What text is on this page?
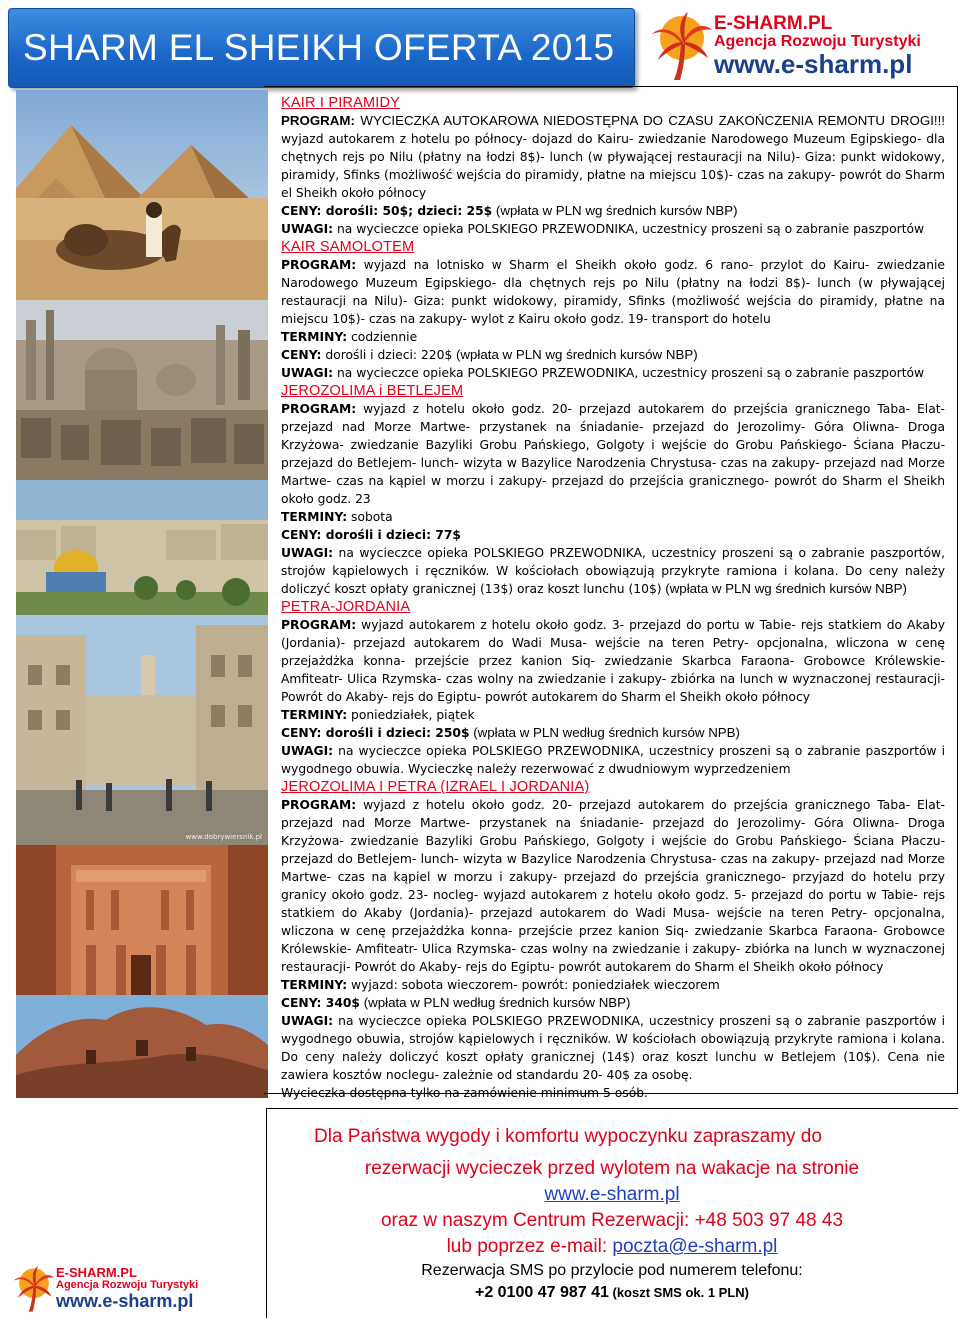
SHARM EL SHEIKH OFERTA 2015
E-SHARM.PL
Agencja Rozwoju Turystyki
www.e-sharm.pl
www.dobrywiersnik.pl

KAIR I PIRAMIDY

PROGRAM: WYCIECZKA AUTOKAROWA NIEDOSTĘPNA DO CZASU ZAKOŃCZENIA REMONTU DROGI!!! wyjazd autokarem z hotelu po północy- dojazd do Kairu- zwiedzanie Narodowego Muzeum Egipskiego- dla chętnych rejs po Nilu (płatny na łodzi 8$)- lunch (w pływającej restauracji na Nilu)- Giza: punkt widokowy, piramidy, Sfinks (możliwość wejścia do piramidy, płatne na miejscu 10$)- czas na zakupy- powrót do Sharm el Sheikh około północy

CENY: dorośli: 50$; dzieci: 25$ (wpłata w PLN wg średnich kursów NBP)

UWAGI: na wycieczce opieka POLSKIEGO PRZEWODNIKA, uczestnicy proszeni są o zabranie paszportów

KAIR SAMOLOTEM

PROGRAM: wyjazd na lotnisko w Sharm el Sheikh około godz. 6 rano- przylot do Kairu- zwiedzanie Narodowego Muzeum Egipskiego- dla chętnych rejs po Nilu (płatny na łodzi 8$)- lunch (w pływającej restauracji na Nilu)- Giza: punkt widokowy, piramidy, Sfinks (możliwość wejścia do piramidy, płatne na miejscu 10$)- czas na zakupy- wylot z Kairu około godz. 19- transport do hotelu

TERMINY: codziennie

CENY: dorośli i dzieci: 220$ (wpłata w PLN wg średnich kursów NBP)

UWAGI: na wycieczce opieka POLSKIEGO PRZEWODNIKA, uczestnicy proszeni są o zabranie paszportów

JEROZOLIMA i BETLEJEM

PROGRAM: wyjazd z hotelu około godz. 20- przejazd autokarem do przejścia granicznego Taba- Elat- przejazd nad Morze Martwe- przystanek na śniadanie- przejazd do Jerozolimy- Góra Oliwna- Droga Krzyżowa- zwiedzanie Bazyliki Grobu Pańskiego, Golgoty i wejście do Grobu Pańskiego- Ściana Płaczu- przejazd do Betlejem- lunch- wizyta w Bazylice Narodzenia Chrystusa- czas na zakupy- przejazd nad Morze Martwe- czas na kąpiel w morzu i zakupy- przejazd do przejścia granicznego- powrót do Sharm el Sheikh około godz. 23

TERMINY: sobota

CENY: dorośli i dzieci: 77$

UWAGI: na wycieczce opieka POLSKIEGO PRZEWODNIKA, uczestnicy proszeni są o zabranie paszportów, strojów kąpielowych i ręczników. W kościołach obowiązują przykryte ramiona i kolana. Do ceny należy doliczyć koszt opłaty granicznej (13$) oraz koszt lunchu (10$) (wpłata w PLN wg średnich kursów NBP)

PETRA-JORDANIA

PROGRAM: wyjazd autokarem z hotelu około godz. 3- przejazd do portu w Tabie- rejs statkiem do Akaby (Jordania)- przejazd autokarem do Wadi Musa- wejście na teren Petry- opcjonalna, wliczona w cenę przejażdżka konna- przejście przez kanion Siq- zwiedzanie Skarbca Faraona- Grobowce Królewskie- Amfiteatr- Ulica Rzymska- czas wolny na zwiedzanie i zakupy- zbiórka na lunch w wyznaczonej restauracji- Powrót do Akaby- rejs do Egiptu- powrót autokarem do Sharm el Sheikh około północy

TERMINY: poniedziałek, piątek

CENY: dorośli i dzieci: 250$ (wpłata w PLN według średnich kursów NPB)

UWAGI: na wycieczce opieka POLSKIEGO PRZEWODNIKA, uczestnicy proszeni są o zabranie paszportów i wygodnego obuwia. Wycieczkę należy rezerwować z dwudniowym wyprzedzeniem

JEROZOLIMA I PETRA (IZRAEL I JORDANIA)

PROGRAM: wyjazd z hotelu około godz. 20- przejazd autokarem do przejścia granicznego Taba- Elat- przejazd nad Morze Martwe- przystanek na śniadanie- przejazd do Jerozolimy- Góra Oliwna- Droga Krzyżowa- zwiedzanie Bazyliki Grobu Pańskiego, Golgoty i wejście do Grobu Pańskiego- Ściana Płaczu- przejazd do Betlejem- lunch- wizyta w Bazylice Narodzenia Chrystusa- czas na zakupy- przejazd nad Morze Martwe- czas na kąpiel w morzu i zakupy- przejazd do przejścia granicznego- przyjazd do hotelu przy granicy około godz. 23- nocleg- wyjazd autokarem z hotelu około godz. 5- przejazd do portu w Tabie- rejs statkiem do Akaby (Jordania)- przejazd autokarem do Wadi Musa- wejście na teren Petry- opcjonalna, wliczona w cenę przejażdżka konna- przejście przez kanion Siq- zwiedzanie Skarbca Faraona- Grobowce Królewskie- Amfiteatr- Ulica Rzymska- czas wolny na zwiedzanie i zakupy- zbiórka na lunch w wyznaczonej restauracji- Powrót do Akaby- rejs do Egiptu- powrót autokarem do Sharm el Sheikh około północy

TERMINY: wyjazd: sobota wieczorem- powrót: poniedziałek wieczorem

CENY: 340$ (wpłata w PLN według średnich kursów NBP)

UWAGI: na wycieczce opieka POLSKIEGO PRZEWODNIKA, uczestnicy proszeni są o zabranie paszportów i wygodnego obuwia, strojów kąpielowych i ręczników. W kościołach obowiązują przykryte ramiona i kolana. Do ceny należy doliczyć koszt opłaty granicznej (14$) oraz koszt lunchu w Betlejem (10$). Cena nie zawiera kosztów noclegu- zależnie od standardu 20- 40$ za osobę.

Wycieczka dostępna tylko na zamówienie minimum 5 osób.

Dla Państwa wygody i komfortu wypoczynku zapraszamy do
rezerwacji wycieczek przed wylotem na wakacje na stronie
www.e-sharm.pl
oraz w naszym Centrum Rezerwacji: +48 503 97 48 43
lub poprzez e-mail: poczta@e-sharm.pl
Rezerwacja SMS po przylocie pod numerem telefonu:
+2 0100 47 987 41 (koszt SMS ok. 1 PLN)
E-SHARM.PL
Agencja Rozwoju Turystyki
www.e-sharm.pl
